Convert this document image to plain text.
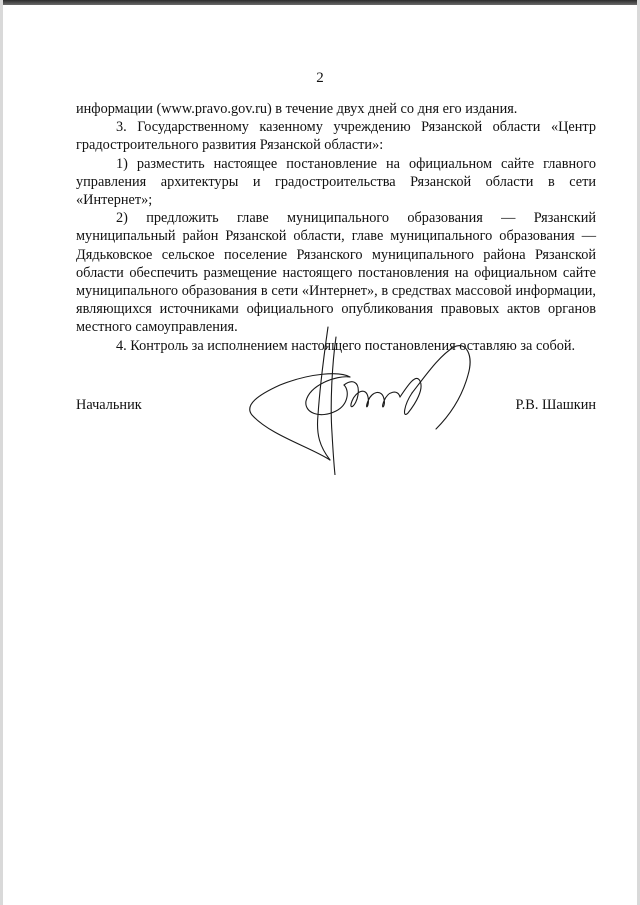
2

информации (www.pravo.gov.ru) в течение двух дней со дня его издания.

3. Государственному казенному учреждению Рязанской области «Центр градостроительного развития Рязанской области»:

1) разместить настоящее постановление на официальном сайте главного управления архитектуры и градостроительства Рязанской области в сети «Интернет»;

2) предложить главе муниципального образования — Рязанский муниципальный район Рязанской области, главе муниципального образования — Дядьковское сельское поселение Рязанского муниципального района Рязанской области обеспечить размещение настоящего постановления на официальном сайте муниципального образования в сети «Интернет», в средствах массовой информации, являющихся источниками официального опубликования правовых актов органов местного самоуправления.

4. Контроль за исполнением настоящего постановления оставляю за собой.

Начальник	Р.В. Шашкин
